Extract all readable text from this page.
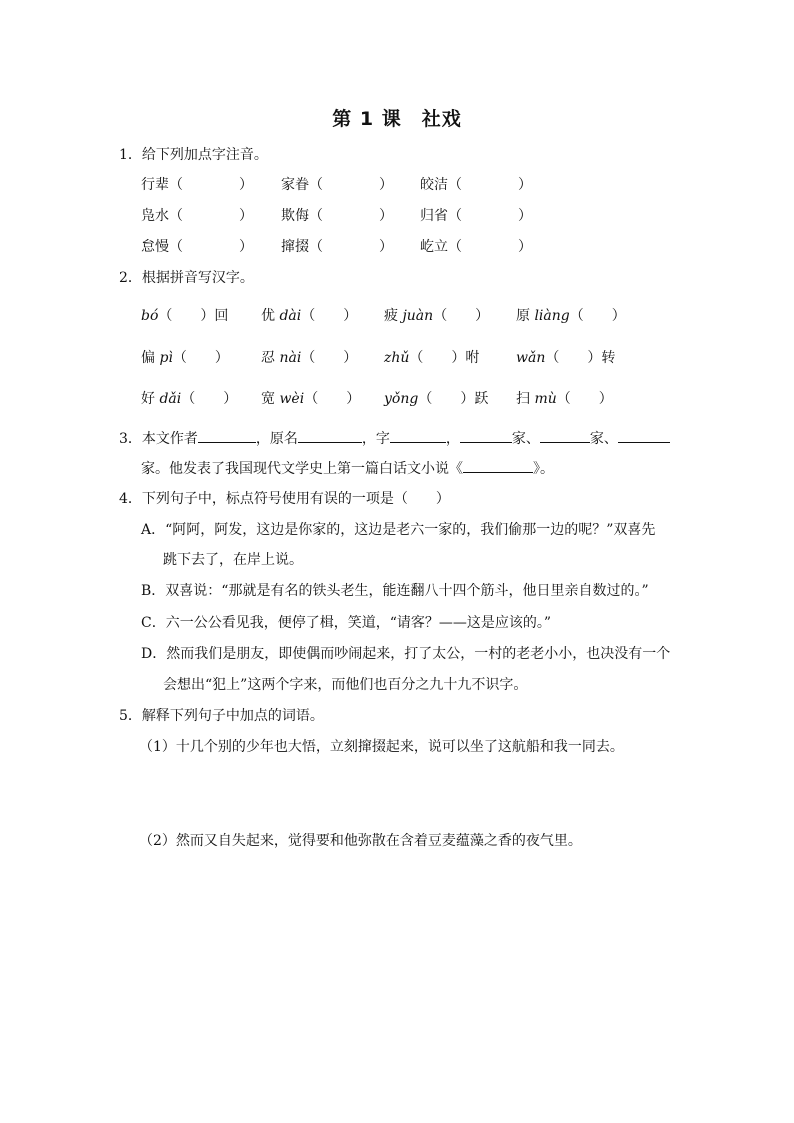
第 1 课　社戏
1．给下列加点字注音。
行辈（　　　　） 家眷（　　　　） 皎洁（　　　　）
凫水（　　　　） 欺侮（　　　　） 归省（　　　　）
怠慢（　　　　） 撺掇（　　　　） 屹立（　　　　）
2．根据拼音写汉字。
bó（　　）回 优 dài（　　） 疲 juàn（　　） 原 liàng（　　）
偏 pì（　　） 忍 nài（　　） zhǔ（　　）咐	wǎn（　　）转
好 dǎi（　　） 宽 wèi（　　） yǒng（　　）跃 扫 mù（　　）
3．本文作者	，原名	，字	，	家、	家、
家。他发表了我国现代文学史上第一篇白话文小说《	》。
4．下列句子中，标点符号使用有误的一项是（　　）
A．“阿阿，阿发，这边是你家的，这边是老六一家的，我们偷那一边的呢？”双喜先
跳下去了，在岸上说。
B．双喜说：“那就是有名的铁头老生，能连翻八十四个筋斗，他日里亲自数过的。”
C．六一公公看见我，便停了楫，笑道，“请客？——这是应该的。”
D．然而我们是朋友，即使偶而吵闹起来，打了太公，一村的老老小小，也决没有一个
会想出“犯上”这两个字来，而他们也百分之九十九不识字。
5．解释下列句子中加点的词语。
（1）十几个别的少年也大悟，立刻撺掇起来，说可以坐了这航船和我一同去。
（2）然而又自失起来，觉得要和他弥散在含着豆麦蕴藻之香的夜气里。
